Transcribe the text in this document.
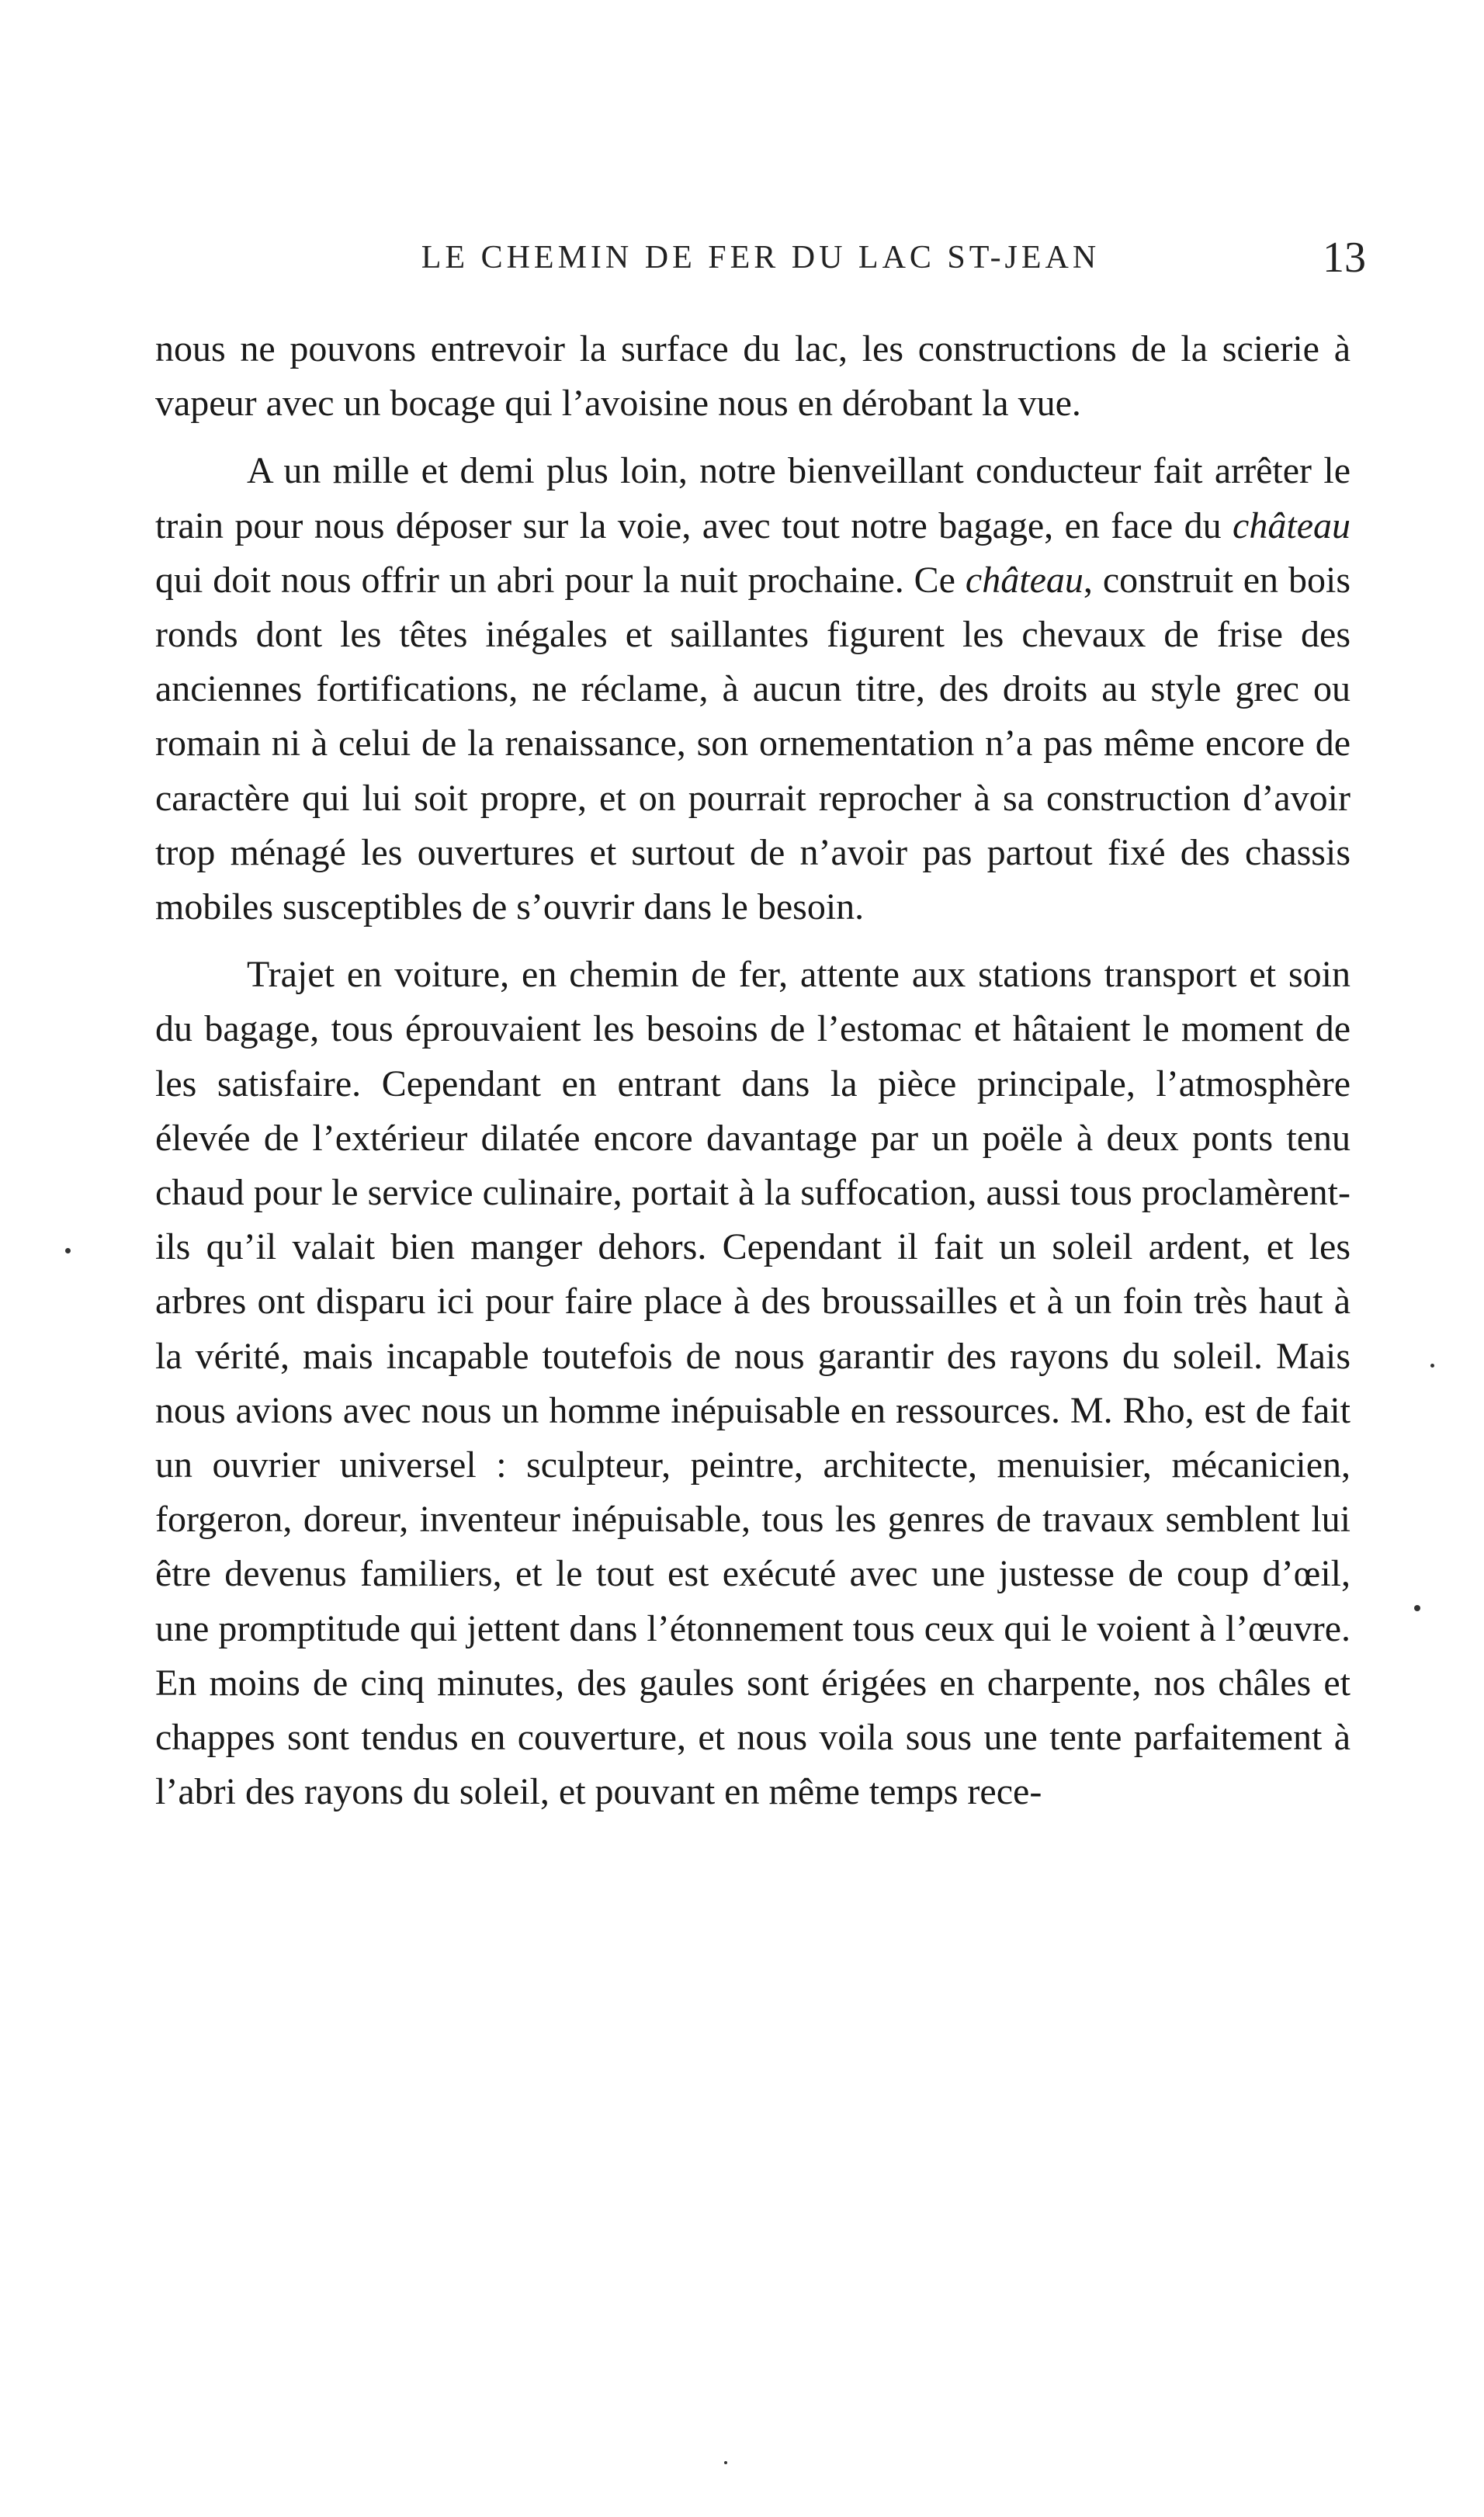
LE CHEMIN DE FER DU LAC ST-JEAN	13

nous ne pouvons entrevoir la surface du lac, les constructions de la scierie à vapeur avec un bocage qui l’avoisine nous en dérobant la vue.

A un mille et demi plus loin, notre bienveillant conducteur fait arrêter le train pour nous déposer sur la voie, avec tout notre bagage, en face du château qui doit nous offrir un abri pour la nuit prochaine. Ce château, construit en bois ronds dont les têtes inégales et saillantes figurent les chevaux de frise des anciennes fortifications, ne réclame, à aucun titre, des droits au style grec ou romain ni à celui de la renaissance, son ornementation n’a pas même encore de caractère qui lui soit propre, et on pourrait reprocher à sa construction d’avoir trop ménagé les ouvertures et surtout de n’avoir pas partout fixé des chassis mobiles susceptibles de s’ouvrir dans le besoin.

Trajet en voiture, en chemin de fer, attente aux stations transport et soin du bagage, tous éprouvaient les besoins de l’estomac et hâtaient le moment de les satisfaire. Cependant en entrant dans la pièce principale, l’atmosphère élevée de l’extérieur dilatée encore davantage par un poële à deux ponts tenu chaud pour le service culinaire, portait à la suffocation, aussi tous proclamèrent-ils qu’il valait bien manger dehors. Cependant il fait un soleil ardent, et les arbres ont disparu ici pour faire place à des broussailles et à un foin très haut à la vérité, mais incapable toutefois de nous garantir des rayons du soleil. Mais nous avions avec nous un homme inépuisable en ressources. M. Rho, est de fait un ouvrier universel : sculpteur, peintre, architecte, menuisier, mécanicien, forgeron, doreur, inventeur inépuisable, tous les genres de travaux semblent lui être devenus familiers, et le tout est exécuté avec une justesse de coup d’œil, une promptitude qui jettent dans l’étonnement tous ceux qui le voient à l’œuvre. En moins de cinq minutes, des gaules sont érigées en charpente, nos châles et chappes sont tendus en couverture, et nous voila sous une tente parfaitement à l’abri des rayons du soleil, et pouvant en même temps rece-
